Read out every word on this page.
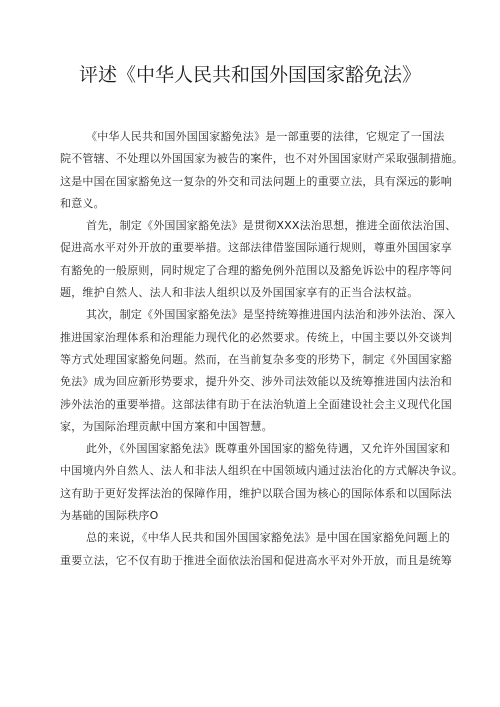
评述《中华人民共和国外国国家豁免法》
《中华人民共和国外国国家豁免法》是一部重要的法律，它规定了一国法
院不管辖、不处理以外国国家为被告的案件，也不对外国国家财产采取强制措施。
这是中国在国家豁免这一复杂的外交和司法问题上的重要立法，具有深远的影响
和意义。
首先，制定《外国国家豁免法》是贯彻XXX法治思想，推进全面依法治国、
促进高水平对外开放的重要举措。这部法律借鉴国际通行规则，尊重外国国家享
有豁免的一般原则，同时规定了合理的豁免例外范围以及豁免诉讼中的程序等问
题，维护自然人、法人和非法人组织以及外国国家享有的正当合法权益。
其次，制定《外国国家豁免法》是坚持统筹推进国内法治和涉外法治、深入
推进国家治理体系和治理能力现代化的必然要求。传统上，中国主要以外交谈判
等方式处理国家豁免问题。然而，在当前复杂多变的形势下，制定《外国国家豁
免法》成为回应新形势要求，提升外交、涉外司法效能以及统筹推进国内法治和
涉外法治的重要举措。这部法律有助于在法治轨道上全面建设社会主义现代化国
家，为国际治理贡献中国方案和中国智慧。
此外，《外国国家豁免法》既尊重外国国家的豁免待遇，又允许外国国家和
中国境内外自然人、法人和非法人组织在中国领域内通过法治化的方式解决争议。
这有助于更好发挥法治的保障作用，维护以联合国为核心的国际体系和以国际法
为基础的国际秩序O
总的来说，《中华人民共和国外国国家豁免法》是中国在国家豁免问题上的
重要立法，它不仅有助于推进全面依法治国和促进高水平对外开放，而且是统筹
